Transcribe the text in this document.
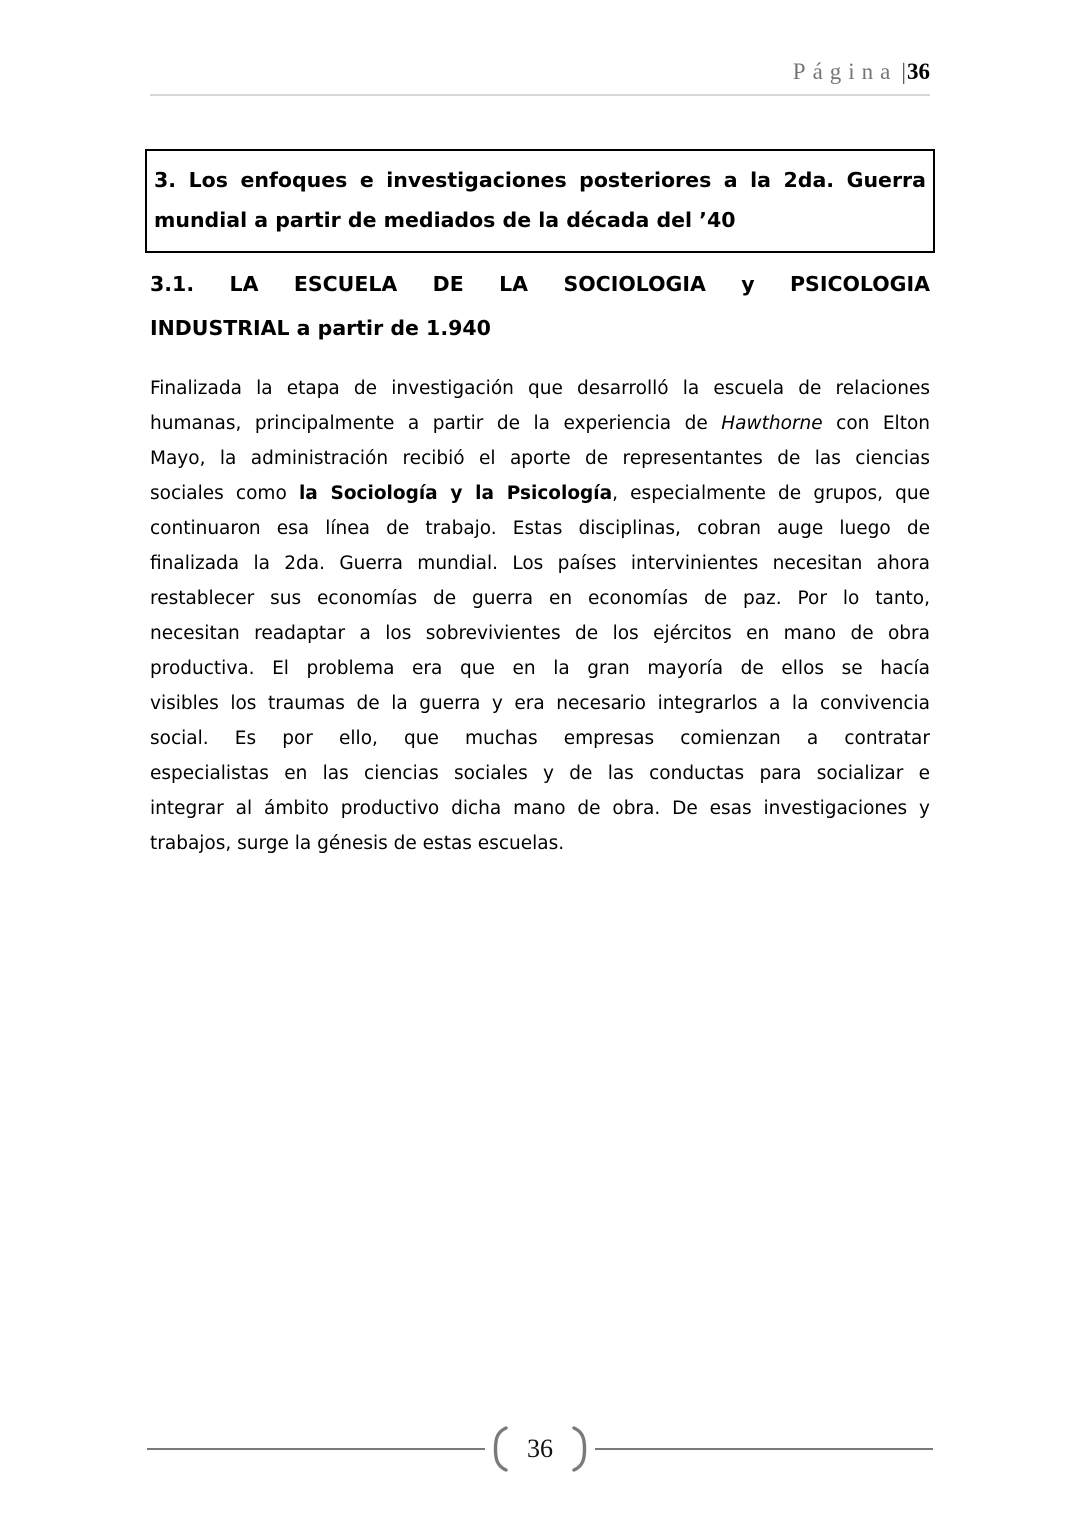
Página |36
3. Los enfoques e investigaciones posteriores a la 2da. Guerra
mundial a partir de mediados de la década del ’40
3.1. LA ESCUELA DE LA SOCIOLOGIA y PSICOLOGIA
INDUSTRIAL a partir de 1.940
Finalizada la etapa de investigación que desarrolló la escuela de relaciones
humanas, principalmente a partir de la experiencia de Hawthorne con Elton
Mayo, la administración recibió el aporte de representantes de las ciencias
sociales como la Sociología y la Psicología, especialmente de grupos, que
continuaron esa línea de trabajo. Estas disciplinas, cobran auge luego de
finalizada la 2da. Guerra mundial. Los países intervinientes necesitan ahora
restablecer sus economías de guerra en economías de paz. Por lo tanto,
necesitan readaptar a los sobrevivientes de los ejércitos en mano de obra
productiva. El problema era que en la gran mayoría de ellos se hacía
visibles los traumas de la guerra y era necesario integrarlos a la convivencia
social. Es por ello, que muchas empresas comienzan a contratar
especialistas en las ciencias sociales y de las conductas para socializar e
integrar al ámbito productivo dicha mano de obra. De esas investigaciones y
trabajos, surge la génesis de estas escuelas.
36
